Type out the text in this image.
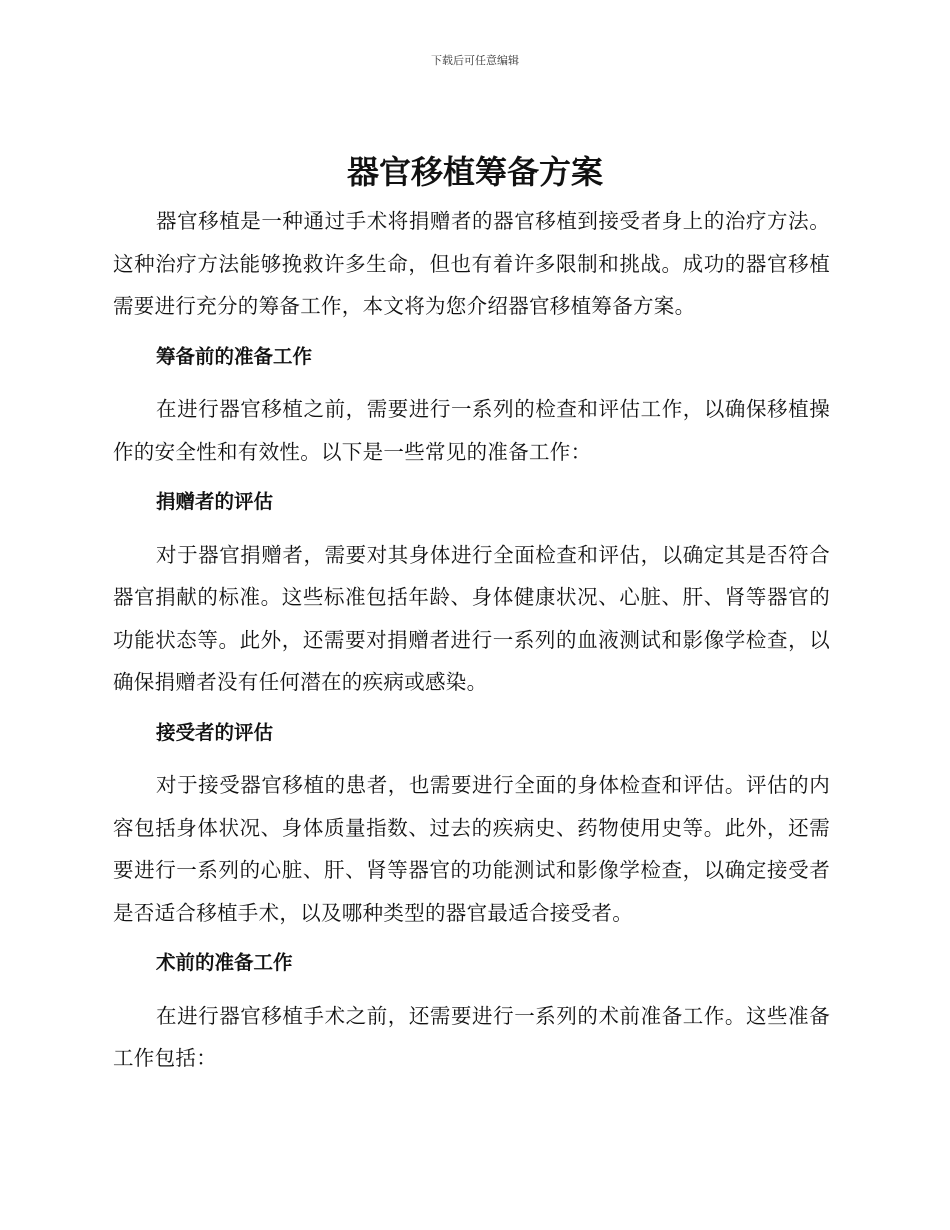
下载后可任意编辑
器官移植筹备方案

器官移植是一种通过手术将捐赠者的器官移植到接受者身上的治疗方法。这种治疗方法能够挽救许多生命，但也有着许多限制和挑战。成功的器官移植需要进行充分的筹备工作，本文将为您介绍器官移植筹备方案。

筹备前的准备工作

在进行器官移植之前，需要进行一系列的检查和评估工作，以确保移植操作的安全性和有效性。以下是一些常见的准备工作：

捐赠者的评估

对于器官捐赠者，需要对其身体进行全面检查和评估，以确定其是否符合器官捐献的标准。这些标准包括年龄、身体健康状况、心脏、肝、肾等器官的功能状态等。此外，还需要对捐赠者进行一系列的血液测试和影像学检查，以确保捐赠者没有任何潜在的疾病或感染。

接受者的评估

对于接受器官移植的患者，也需要进行全面的身体检查和评估。评估的内容包括身体状况、身体质量指数、过去的疾病史、药物使用史等。此外，还需要进行一系列的心脏、肝、肾等器官的功能测试和影像学检查，以确定接受者是否适合移植手术，以及哪种类型的器官最适合接受者。

术前的准备工作

在进行器官移植手术之前，还需要进行一系列的术前准备工作。这些准备工作包括：
